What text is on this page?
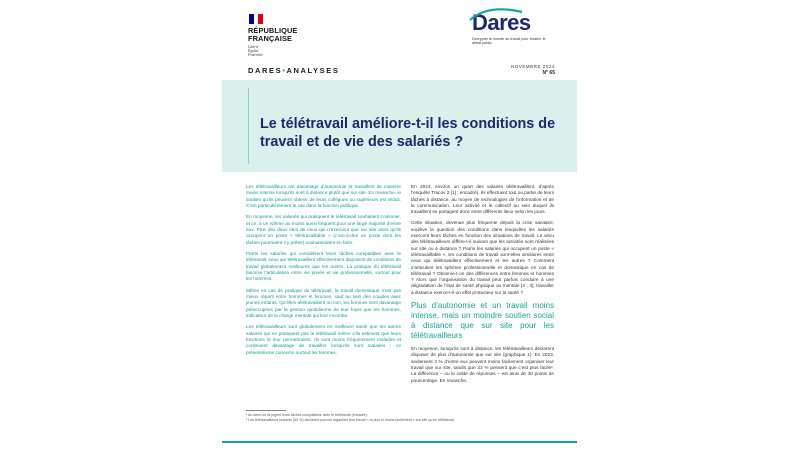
RÉPUBLIQUE
FRANÇAISE
Liberté
Égalité
Fraternité
Dares
Décrypter le monde du travail pour éclairer le débat public
DARES•ANALYSES	NOVEMBRE 2024
N° 65
Le télétravail améliore-t-il les conditions de travail et de vie des salariés ?

Les télétravailleurs ont davantage d’autonomie et travaillent de manière moins intense lorsqu’ils sont à distance plutôt que sur site. En revanche, le soutien qu’ils peuvent obtenir de leurs collègues ou supérieurs est réduit. C’est particulièrement le cas dans la fonction publique.

En moyenne, les salariés qui pratiquent le télétravail souhaitent continuer, et ce, à un rythme au moins aussi fréquent pour une large majorité d’entre eux. Plus des deux tiers de ceux qui n’exercent que sur site alors qu’ils occupent un poste « télétravaillable » (c’est-à-dire un poste dont les tâches pourraient s’y prêter) souhaiteraient en faire.

Parmi les salariés qui considèrent leurs tâches compatibles avec le télétravail, ceux qui télétravaillent effectivement disposent de conditions de travail globalement meilleures que les autres. La pratique du télétravail favorise l’articulation entre vie privée et vie professionnelle, surtout pour les hommes.

Même en cas de pratique du télétravail, le travail domestique n’est pas mieux réparti entre hommes et femmes, sauf au sein des couples avec jeunes enfants. Qu’elles télétravaillent ou non, les femmes sont davantage préoccupées par la gestion quotidienne de leur foyer que les hommes, indicateur de la charge mentale qui leur incombe.

Les télétravailleurs sont globalement en meilleure santé que les autres salariés qui ne pratiquent pas le télétravail même s’ils estiment que leurs fonctions le leur permettraient. Ils sont moins fréquemment malades et continuent davantage de travailler lorsqu’ils sont malades ; ce présentéisme concerne surtout les femmes.

En 2023, environ un quart des salariés télétravaillent, d’après l’enquête Tracov 2 [1] ; encadré). Ils effectuent tout ou partie de leurs tâches à distance, au moyen de technologies de l’information et de la communication. Leur activité et le collectif au sein duquel ils travaillent se partagent donc entre différents lieux selon les jours.

Cette situation, devenue plus fréquente depuis la crise sanitaire, soulève la question des conditions dans lesquelles les salariés exercent leurs tâches en fonction des situations de travail. Le vécu des télétravailleurs diffère-t-il suivant que les activités sont réalisées sur site ou à distance ? Parmi les salariés qui occupent un poste « télétravaillable », les conditions de travail sont-elles similaires entre ceux qui télétravaillent effectivement et les autres ? Comment s’articulent les sphères professionnelle et domestique en cas de télétravail ? Observe-t-on des différences entre femmes et hommes ? Alors que l’organisation du travail peut parfois conduire à une dégradation de l’état de santé physique ou mentale [2 ; 3], travailler à distance exerce-t-il un effet protecteur sur la santé ?

Plus d’autonomie et un travail moins intense, mais un moindre soutien social à distance que sur site pour les télétravailleurs

En moyenne, lorsqu’ils sont à distance, les télétravailleurs déclarent disposer de plus d’autonomie que sur site (graphique 1). En 2023, seulement 3 % d’entre eux peuvent moins facilement organiser leur travail que sur site, tandis que 33 % pensent que c’est plus facile¹. La différence – ou le solde de réponses – est ainsi de 30 points de pourcentage. En revanche,

¹ Au sens où ils jugent leurs tâches compatibles avec le télétravail (encadré).
² Les télétravailleurs restants (63 %) déclarent pouvoir organiser leur travail « ni plus ni moins facilement » sur site qu’en télétravail.
